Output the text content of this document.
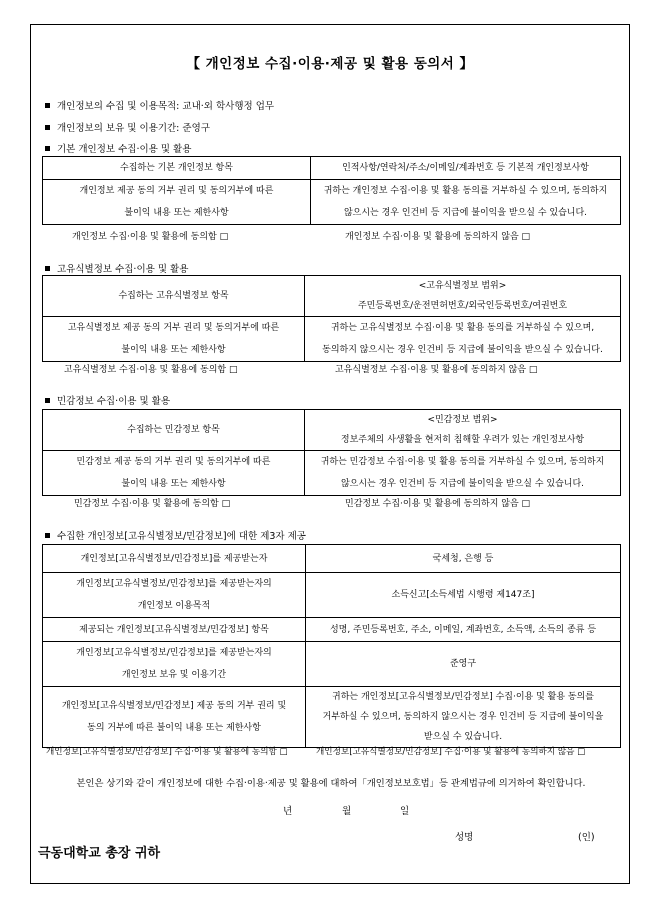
【 개인정보 수집·이용·제공 및 활용 동의서 】
개인정보의 수집 및 이용목적: 교내·외 학사행정 업무
개인정보의 보유 및 이용기간: 준영구
기본 개인정보 수집·이용 및 활용
수집하는 기본 개인정보 항목	인적사항/연락처/주소/이메일/계좌번호 등 기본적 개인정보사항

개인정보 제공 동의 거부 권리 및 동의거부에 따른
불이익 내용 또는 제한사항	귀하는 개인정보 수집·이용 및 활용 동의를 거부하실 수 있으며, 동의하지
않으시는 경우 인건비 등 지급에 불이익을 받으실 수 있습니다.
개인정보 수집·이용 및 활용에 동의함 □	개인정보 수집·이용 및 활용에 동의하지 않음 □
고유식별정보 수집·이용 및 활용
수집하는 고유식별정보 항목	<고유식별정보 범위>
주민등록번호/운전면허번호/외국인등록번호/여권번호

고유식별정보 제공 동의 거부 권리 및 동의거부에 따른
불이익 내용 또는 제한사항	귀하는 고유식별정보 수집·이용 및 활용 동의를 거부하실 수 있으며,
동의하지 않으시는 경우 인건비 등 지급에 불이익을 받으실 수 있습니다.
고유식별정보 수집·이용 및 활용에 동의함 □	고유식별정보 수집·이용 및 활용에 동의하지 않음 □
민감정보 수집·이용 및 활용
수집하는 민감정보 항목	<민감정보 범위>
정보주체의 사생활을 현저히 침해할 우려가 있는 개인정보사항

민감정보 제공 동의 거부 권리 및 동의거부에 따른
불이익 내용 또는 제한사항	귀하는 민감정보 수집·이용 및 활용 동의를 거부하실 수 있으며, 동의하지
않으시는 경우 인건비 등 지급에 불이익을 받으실 수 있습니다.
민감정보 수집·이용 및 활용에 동의함 □	민감정보 수집·이용 및 활용에 동의하지 않음 □
수집한 개인정보[고유식별정보/민감정보]에 대한 제3자 제공
개인정보[고유식별정보/민감정보]를 제공받는자	국세청, 은행 등

개인정보[고유식별정보/민감정보]를 제공받는자의
개인정보 이용목적	소득신고[소득세법 시행령 제147조]
제공되는 개인정보[고유식별정보/민감정보] 항목	성명, 주민등록번호, 주소, 이메일, 계좌번호, 소득액, 소득의 종류 등

개인정보[고유식별정보/민감정보]를 제공받는자의
개인정보 보유 및 이용기간	준영구

개인정보[고유식별정보/민감정보] 제공 동의 거부 권리 및
동의 거부에 따른 불이익 내용 또는 제한사항	귀하는 개인정보[고유식별정보/민감정보] 수집·이용 및 활용 동의를
거부하실 수 있으며, 동의하지 않으시는 경우 인건비 등 지급에 불이익을
받으실 수 있습니다.
개인정보[고유식별정보/민감정보] 수집·이용 및 활용에 동의함 □	개인정보[고유식별정보/민감정보] 수집·이용 및 활용에 동의하지 않음 □
본인은 상기와 같이 개인정보에 대한 수집·이용·제공 및 활용에 대하여「개인정보보호법」등 관계법규에 의거하여 확인합니다.
년	월	일
성명	(인)
극동대학교 총장 귀하
